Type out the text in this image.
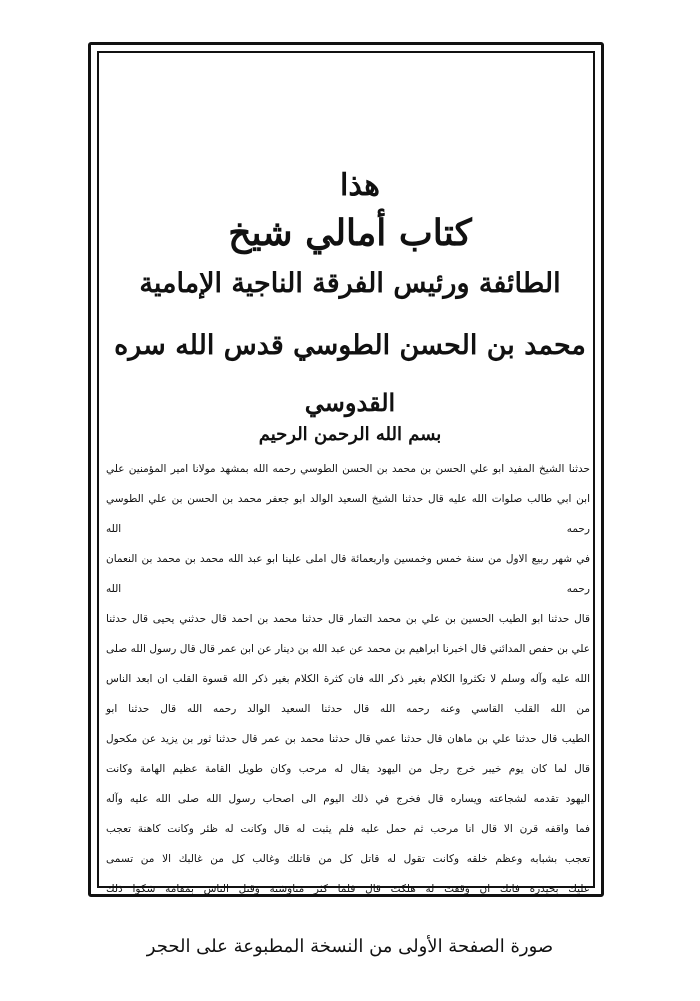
هذا
كتاب أمالي شيخ
الطائفة ورئيس الفرقة الناجية الإمامية
محمد بن الحسن الطوسي قدس الله سره
القدوسي
بسم الله الرحمن الرحيم
حدثنا الشيخ المفيد ابو علي الحسن بن محمد بن الحسن الطوسي رحمه الله بمشهد مولانا امير المؤمنين علي
ابن ابي طالب صلوات الله عليه قال حدثنا الشيخ السعيد الوالد ابو جعفر محمد بن الحسن بن علي الطوسي رحمه الله
في شهر ربيع الاول من سنة خمس وخمسين واربعمائة قال املى علينا ابو عبد الله محمد بن محمد بن النعمان رحمه الله
قال حدثنا ابو الطيب الحسين بن علي بن محمد التمار قال حدثنا محمد بن احمد قال حدثني يحيى قال حدثنا
علي بن حفص المدائني قال اخبرنا ابراهيم بن محمد عن عبد الله بن دينار عن ابن عمر قال قال رسول الله صلى
الله عليه وآله وسلم لا تكثروا الكلام بغير ذكر الله فان كثرة الكلام بغير ذكر الله قسوة القلب ان ابعد الناس
من الله القلب القاسي وعنه رحمه الله قال حدثنا السعيد الوالد رحمه الله قال حدثنا ابو
الطيب قال حدثنا علي بن ماهان قال حدثنا عمي قال حدثنا محمد بن عمر قال حدثنا ثور بن يزيد عن مكحول
قال لما كان يوم خيبر خرج رجل من اليهود يقال له مرحب وكان طويل القامة عظيم الهامة وكانت
اليهود تقدمه لشجاعته ويساره قال فخرج في ذلك اليوم الى اصحاب رسول الله صلى الله عليه وآله
فما واقفه قرن الا قال انا مرحب ثم حمل عليه فلم يثبت له قال وكانت له ظئر وكانت كاهنة تعجب
تعجب بشبابه وعظم خلقه وكانت تقول له قاتل كل من قاتلك وغالب كل من غالبك الا من تسمى
عليك بحيدرة فانك ان وقفت له هلكت قال فلما كثر مناوشته وقتل الناس بمقامه شكوا ذلك
صورة الصفحة الأولى من النسخة المطبوعة على الحجر
